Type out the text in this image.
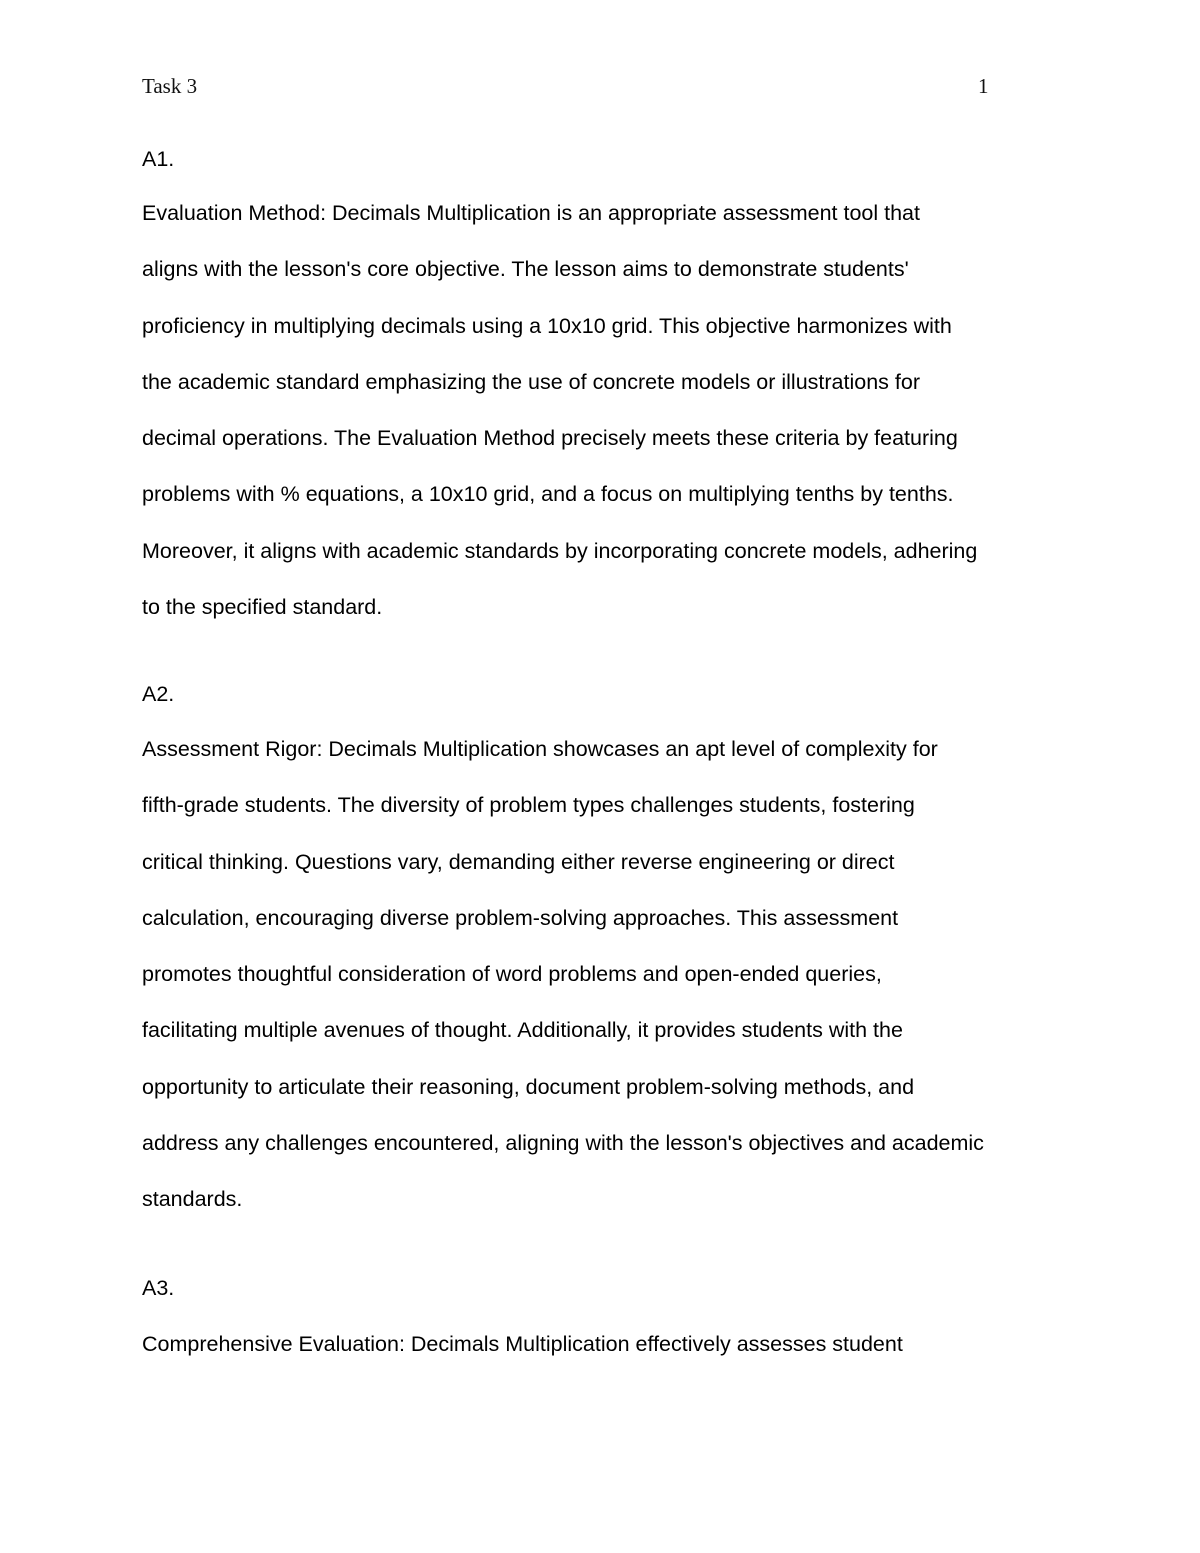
Task 3	1
A1.
Evaluation Method: Decimals Multiplication is an appropriate assessment tool that
aligns with the lesson's core objective. The lesson aims to demonstrate students'
proficiency in multiplying decimals using a 10x10 grid. This objective harmonizes with
the academic standard emphasizing the use of concrete models or illustrations for
decimal operations. The Evaluation Method precisely meets these criteria by featuring
problems with % equations, a 10x10 grid, and a focus on multiplying tenths by tenths.
Moreover, it aligns with academic standards by incorporating concrete models, adhering
to the specified standard.
A2.
Assessment Rigor: Decimals Multiplication showcases an apt level of complexity for
fifth-grade students. The diversity of problem types challenges students, fostering
critical thinking. Questions vary, demanding either reverse engineering or direct
calculation, encouraging diverse problem-solving approaches. This assessment
promotes thoughtful consideration of word problems and open-ended queries,
facilitating multiple avenues of thought. Additionally, it provides students with the
opportunity to articulate their reasoning, document problem-solving methods, and
address any challenges encountered, aligning with the lesson's objectives and academic
standards.
A3.
Comprehensive Evaluation: Decimals Multiplication effectively assesses student
